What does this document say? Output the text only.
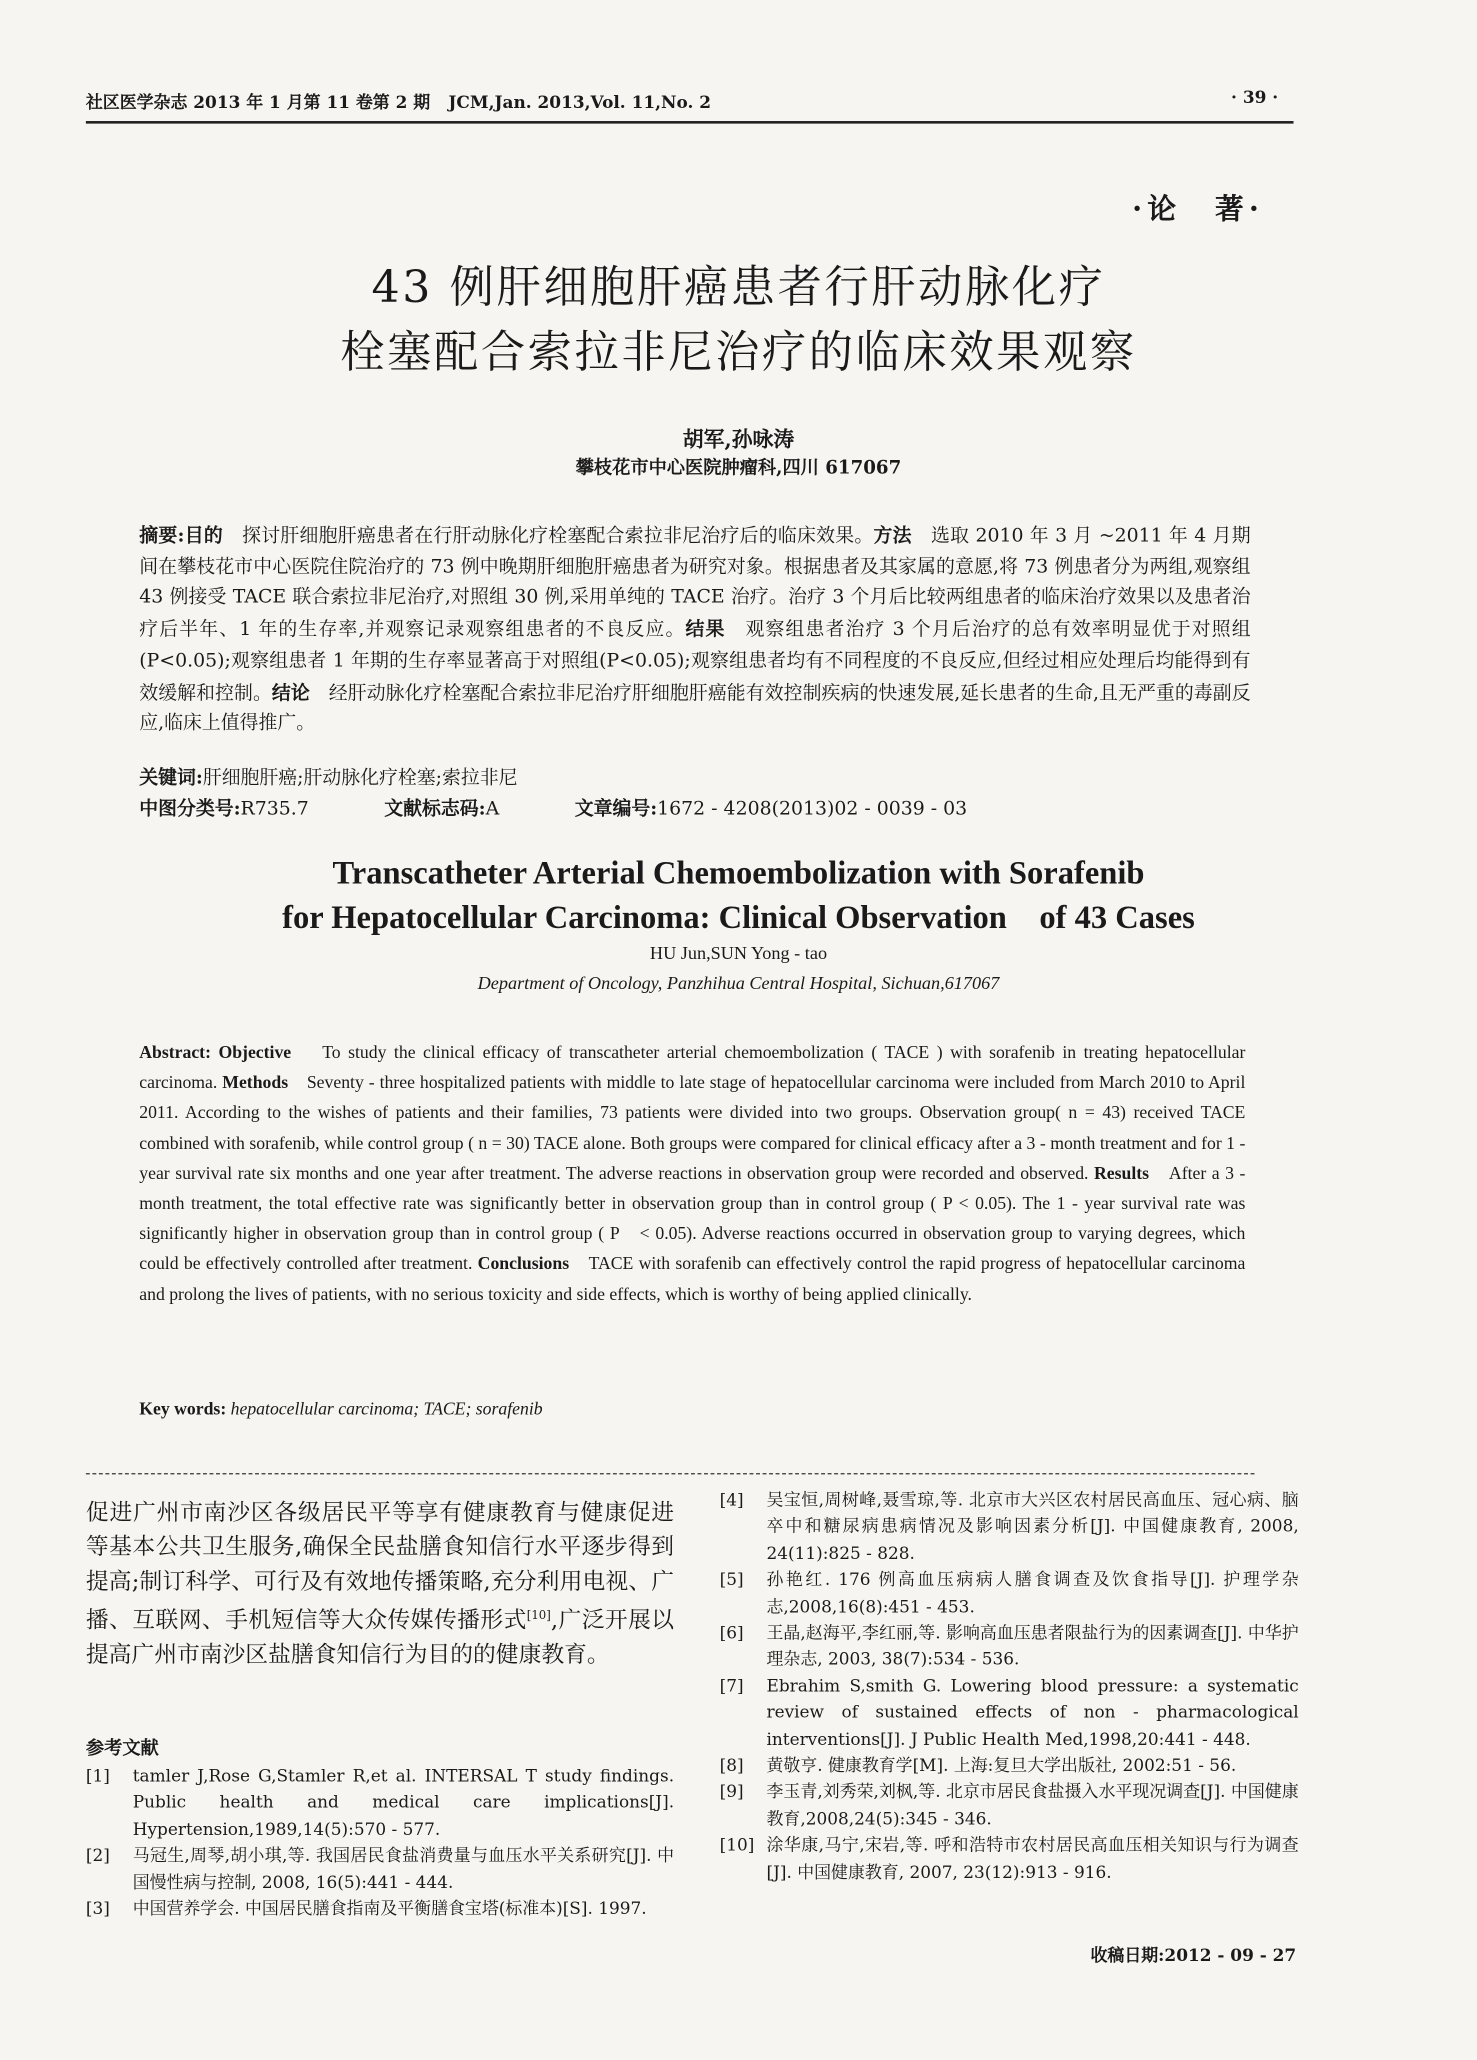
社区医学杂志 2013 年 1 月第 11 卷第 2 期 JCM,Jan. 2013,Vol. 11,No. 2	· 39 ·
·论　著·
43 例肝细胞肝癌患者行肝动脉化疗
栓塞配合索拉非尼治疗的临床效果观察
胡军,孙咏涛
攀枝花市中心医院肿瘤科,四川 617067
摘要:目的　探讨肝细胞肝癌患者在行肝动脉化疗栓塞配合索拉非尼治疗后的临床效果。方法　选取 2010 年 3 月 ~2011 年 4 月期间在攀枝花市中心医院住院治疗的 73 例中晚期肝细胞肝癌患者为研究对象。根据患者及其家属的意愿,将 73 例患者分为两组,观察组 43 例接受 TACE 联合索拉非尼治疗,对照组 30 例,采用单纯的 TACE 治疗。治疗 3 个月后比较两组患者的临床治疗效果以及患者治疗后半年、1 年的生存率,并观察记录观察组患者的不良反应。结果　观察组患者治疗 3 个月后治疗的总有效率明显优于对照组(P<0.05);观察组患者 1 年期的生存率显著高于对照组(P<0.05);观察组患者均有不同程度的不良反应,但经过相应处理后均能得到有效缓解和控制。结论　经肝动脉化疗栓塞配合索拉非尼治疗肝细胞肝癌能有效控制疾病的快速发展,延长患者的生命,且无严重的毒副反应,临床上值得推广。
关键词:肝细胞肝癌;肝动脉化疗栓塞;索拉非尼
中图分类号:R735.7	文献标志码:A	文章编号:1672 - 4208(2013)02 - 0039 - 03
Transcatheter Arterial Chemoembolization with Sorafenib
for Hepatocellular Carcinoma: Clinical Observation　of 43 Cases
HU Jun,SUN Yong - tao
Department of Oncology, Panzhihua Central Hospital, Sichuan,617067
Abstract: Objective　 To study the clinical efficacy of transcatheter arterial chemoembolization ( TACE ) with sorafenib in treating hepatocellular carcinoma. Methods　Seventy - three hospitalized patients with middle to late stage of hepatocellular carcinoma were included from March 2010 to April 2011. According to the wishes of patients and their families, 73 patients were divided into two groups. Observation group( n = 43) received TACE combined with sorafenib, while control group ( n = 30) TACE alone. Both groups were compared for clinical efficacy after a 3 - month treatment and for 1 - year survival rate six months and one year after treatment. The adverse reactions in observation group were recorded and observed. Results　After a 3 - month treatment, the total effective rate was significantly better in observation group than in control group ( P < 0.05). The 1 - year survival rate was significantly higher in observation group than in control group ( P　< 0.05). Adverse reactions occurred in observation group to varying degrees, which could be effectively controlled after treatment. Conclusions　TACE with sorafenib can effectively control the rapid progress of hepatocellular carcinoma and prolong the lives of patients, with no serious toxicity and side effects, which is worthy of being applied clinically.
Key words: hepatocellular carcinoma; TACE; sorafenib
促进广州市南沙区各级居民平等享有健康教育与健康促进等基本公共卫生服务,确保全民盐膳食知信行水平逐步得到提高;制订科学、可行及有效地传播策略,充分利用电视、广播、互联网、手机短信等大众传媒传播形式[10],广泛开展以提高广州市南沙区盐膳食知信行为目的的健康教育。
参考文献
[1] tamler J,Rose G,Stamler R,et al. INTERSAL T study findings. Public health and medical care implications[J]. Hypertension,1989,14(5):570 - 577.
[2] 马冠生,周琴,胡小琪,等. 我国居民食盐消费量与血压水平关系研究[J]. 中国慢性病与控制, 2008, 16(5):441 - 444.
[3] 中国营养学会. 中国居民膳食指南及平衡膳食宝塔(标准本)[S]. 1997.
[4] 吴宝恒,周树峰,聂雪琼,等. 北京市大兴区农村居民高血压、冠心病、脑卒中和糖尿病患病情况及影响因素分析[J]. 中国健康教育, 2008, 24(11):825 - 828.
[5] 孙艳红. 176 例高血压病病人膳食调查及饮食指导[J]. 护理学杂志,2008,16(8):451 - 453.
[6] 王晶,赵海平,李红丽,等. 影响高血压患者限盐行为的因素调查[J]. 中华护理杂志, 2003, 38(7):534 - 536.
[7] Ebrahim S,smith G. Lowering blood pressure: a systematic review of sustained effects of non - pharmacological interventions[J]. J Public Health Med,1998,20:441 - 448.
[8] 黄敬亨. 健康教育学[M]. 上海:复旦大学出版社, 2002:51 - 56.
[9] 李玉青,刘秀荣,刘枫,等. 北京市居民食盐摄入水平现况调查[J]. 中国健康教育,2008,24(5):345 - 346.
[10] 涂华康,马宁,宋岩,等. 呼和浩特市农村居民高血压相关知识与行为调查[J]. 中国健康教育, 2007, 23(12):913 - 916.
收稿日期:2012 - 09 - 27
